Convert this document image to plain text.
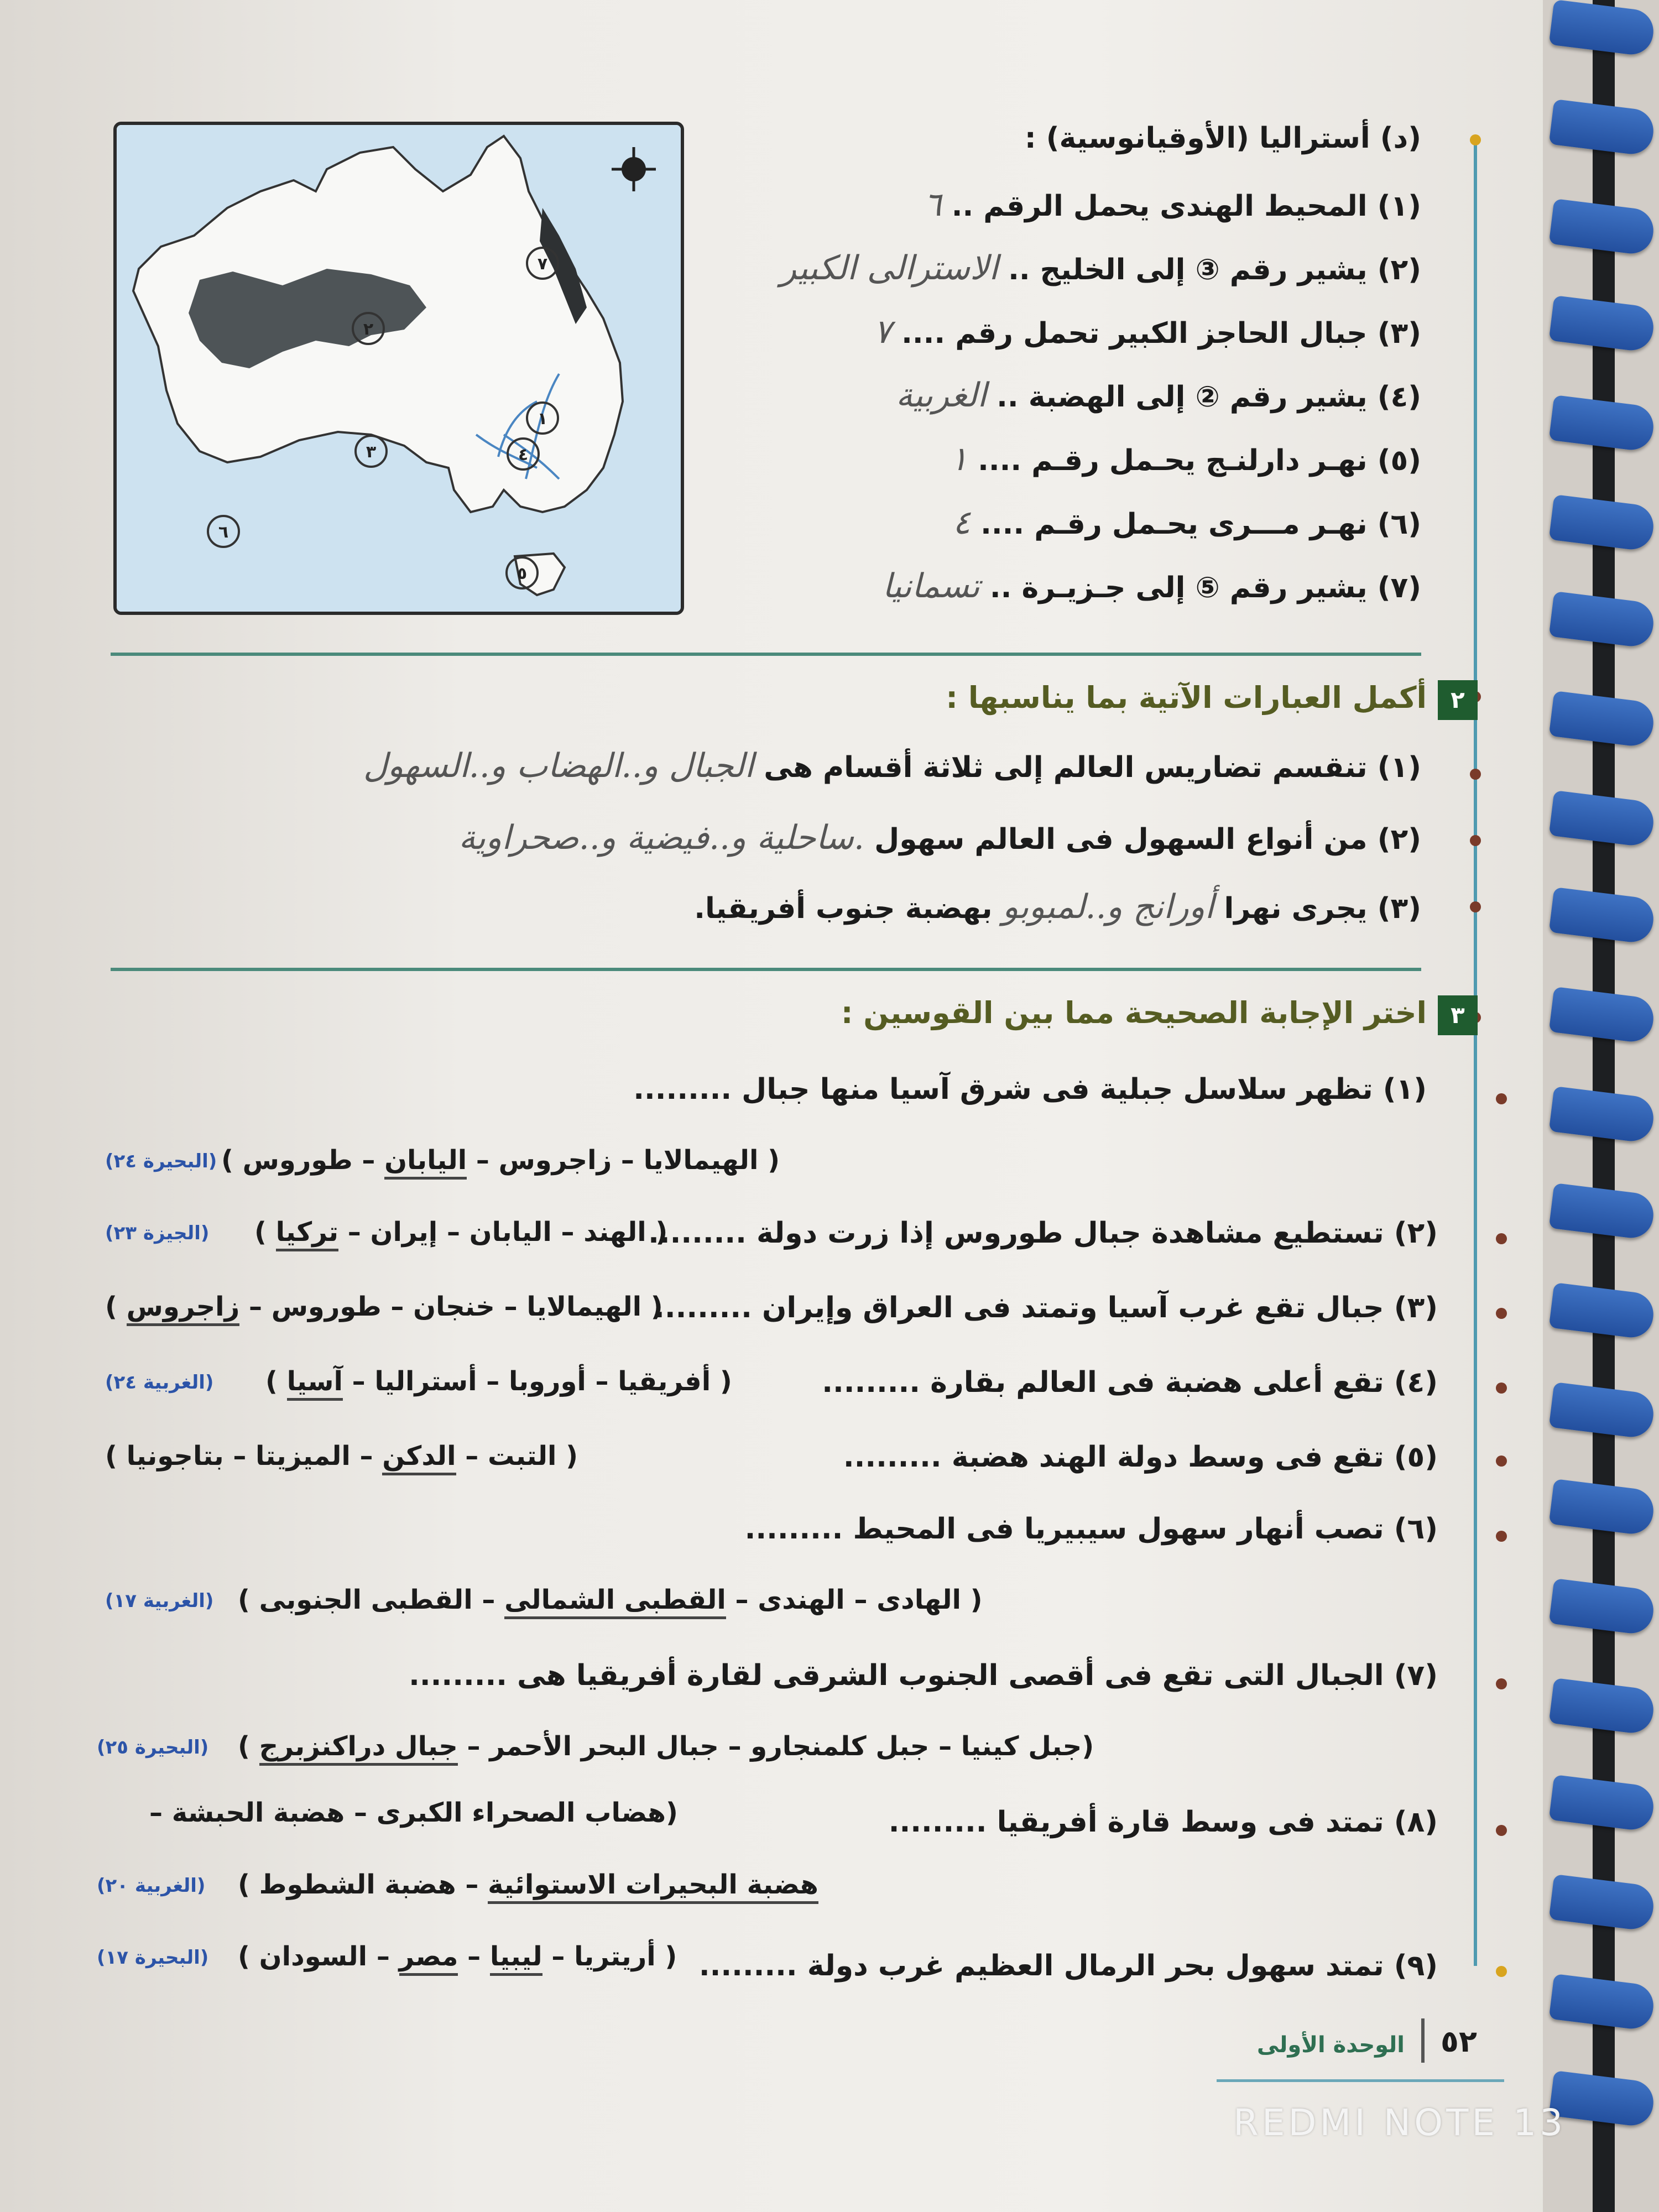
٧
٢
٣
١
٤
٥
٦
(د) أستراليا (الأوقيانوسية) :
(١) المحيط الهندى يحمل الرقم .. ٦
(٢) يشير رقم ③ إلى الخليج .. الاسترالى الكبير
(٣) جبال الحاجز الكبير تحمل رقم .... ٧
(٤) يشير رقم ② إلى الهضبة .. الغربية
(٥) نهـر دارلنـج يحـمل رقـم .... ١
(٦) نهـر مـــرى يحـمل رقـم .... ٤
(٧) يشير رقم ⑤ إلى جـزيـرة .. تسمانيا
٢
أكمل العبارات الآتية بما يناسبها :
(١) تنقسم تضاريس العالم إلى ثلاثة أقسام هى الجبال و..الهضاب و..السهول
(٢) من أنواع السهول فى العالم سهول .ساحلية و..فيضية و..صحراوية
(٣) يجرى نهرا أورانج و..لمبوبو بهضبة جنوب أفريقيا.
٣
اختر الإجابة الصحيحة مما بين القوسين :
(١) تظهر سلاسل جبلية فى شرق آسيا منها جبال .........
( الهيمالايا – زاجروس – اليابان – طوروس )
(البحيرة ٢٤)
(٢) تستطيع مشاهدة جبال طوروس إذا زرت دولة .........
( الهند – اليابان – إيران – تركيا )
(الجيزة ٢٣)
(٣) جبال تقع غرب آسيا وتمتد فى العراق وإيران .........
( الهيمالايا – خنجان – طوروس – زاجروس )
(٤) تقع أعلى هضبة فى العالم بقارة .........
( أفريقيا – أوروبا – أستراليا – آسيا )
(الغربية ٢٤)
(٥) تقع فى وسط دولة الهند هضبة .........
( التبت – الدكن – الميزيتا – بتاجونيا )
(٦) تصب أنهار سهول سيبيريا فى المحيط .........
( الهادى – الهندى – القطبى الشمالى – القطبى الجنوبى )
(الغربية ١٧)
(٧) الجبال التى تقع فى أقصى الجنوب الشرقى لقارة أفريقيا هى .........
(جبل كينيا – جبل كلمنجارو – جبال البحر الأحمر – جبال دراكنزبرج )
(البحيرة ٢٥)
(٨) تمتد فى وسط قارة أفريقيا .........
(هضاب الصحراء الكبرى – هضبة الحبشة –
هضبة البحيرات الاستوائية – هضبة الشطوط )
(الغربية ٢٠)
(٩) تمتد سهول بحر الرمال العظيم غرب دولة .........
( أريتريا – ليبيا – مصر – السودان )
(البحيرة ١٧)
٥٢
الوحدة الأولى
REDMI NOTE 13
